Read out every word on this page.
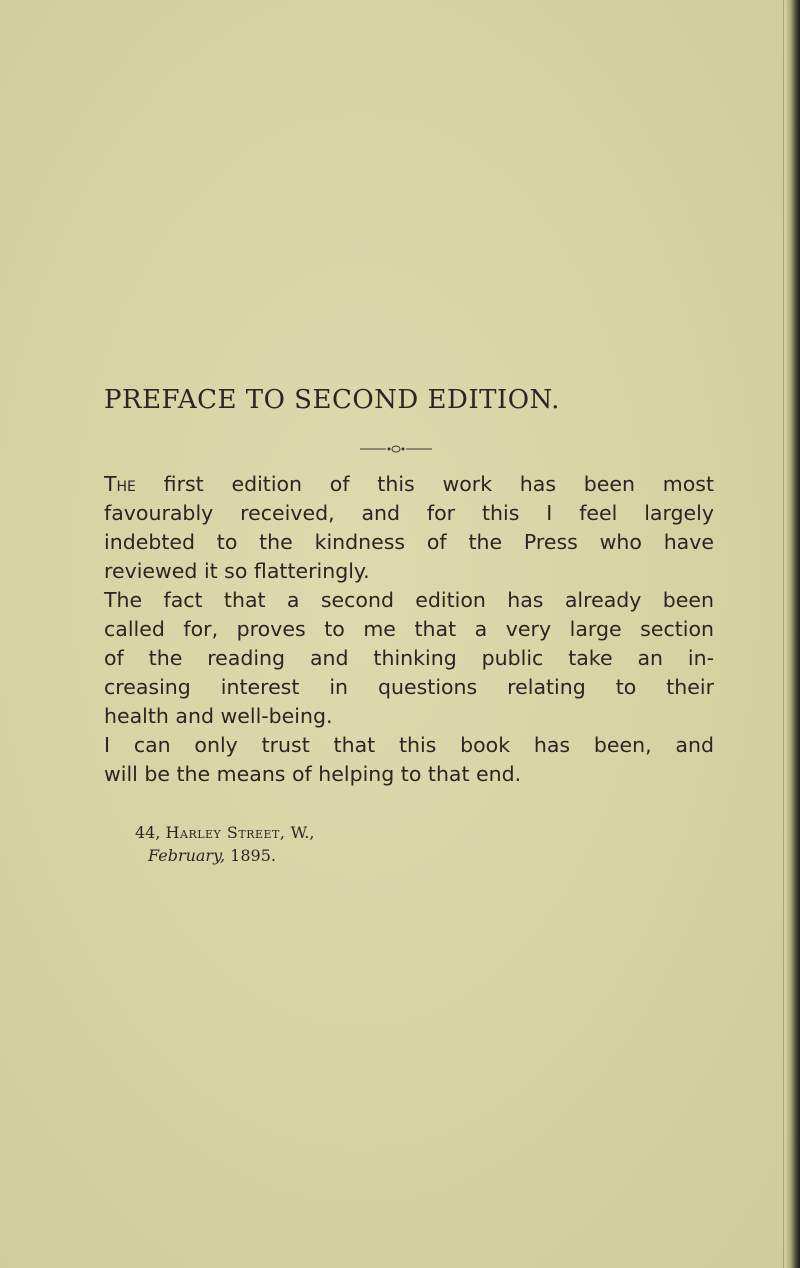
PREFACE TO SECOND EDITION.
The first edition of this work has been most
favourably received, and for this I feel largely
indebted to the kindness of the Press who have
reviewed it so flatteringly.
The fact that a second edition has already been
called for, proves to me that a very large section
of the reading and thinking public take an in-
creasing interest in questions relating to their
health and well-being.
I can only trust that this book has been, and
will be the means of helping to that end.
44, Harley Street, W.,
February, 1895.
